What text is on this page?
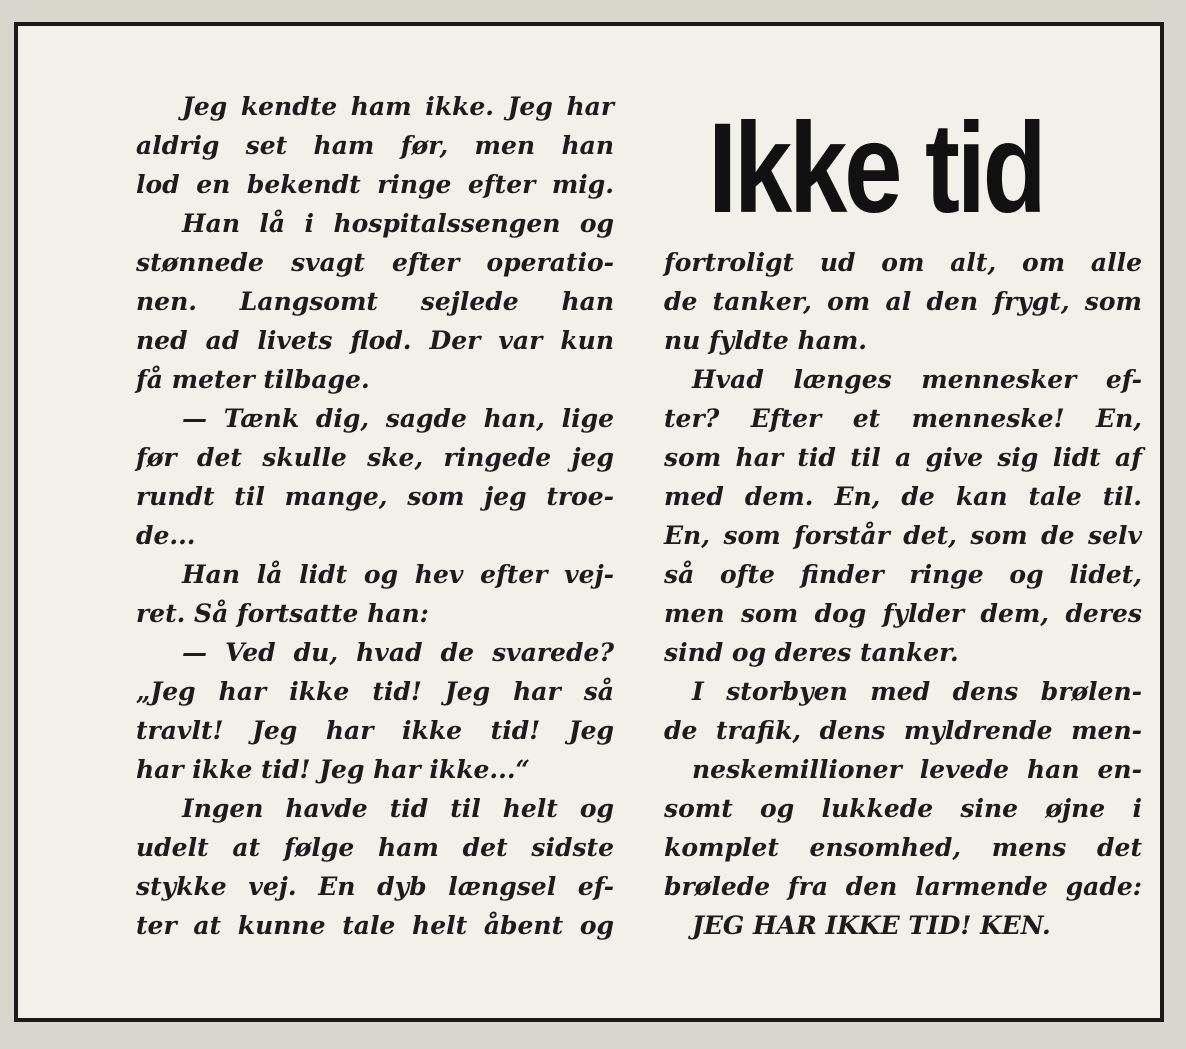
Ikke tid
Jeg kendte ham ikke. Jeg har
aldrig set ham før, men han
lod en bekendt ringe efter mig.
Han lå i hospitalssengen og
stønnede svagt efter operatio-
nen. Langsomt sejlede han
ned ad livets flod. Der var kun
få meter tilbage.
— Tænk dig, sagde han, lige
før det skulle ske, ringede jeg
rundt til mange, som jeg troe-
de...
Han lå lidt og hev efter vej-
ret. Så fortsatte han:
— Ved du, hvad de svarede?
„Jeg har ikke tid! Jeg har så
travlt! Jeg har ikke tid! Jeg
har ikke tid! Jeg har ikke...“
Ingen havde tid til helt og
udelt at følge ham det sidste
stykke vej. En dyb længsel ef-
ter at kunne tale helt åbent og
fortroligt ud om alt, om alle
de tanker, om al den frygt, som
nu fyldte ham.
Hvad længes mennesker ef-
ter? Efter et menneske! En,
som har tid til a give sig lidt af
med dem. En, de kan tale til.
En, som forstår det, som de selv
så ofte finder ringe og lidet,
men som dog fylder dem, deres
sind og deres tanker.
I storbyen med dens brølen-
de trafik, dens myldrende men-
neskemillioner levede han en-
somt og lukkede sine øjne i
komplet ensomhed, mens det
brølede fra den larmende gade:
JEG HAR IKKE TID! KEN.
